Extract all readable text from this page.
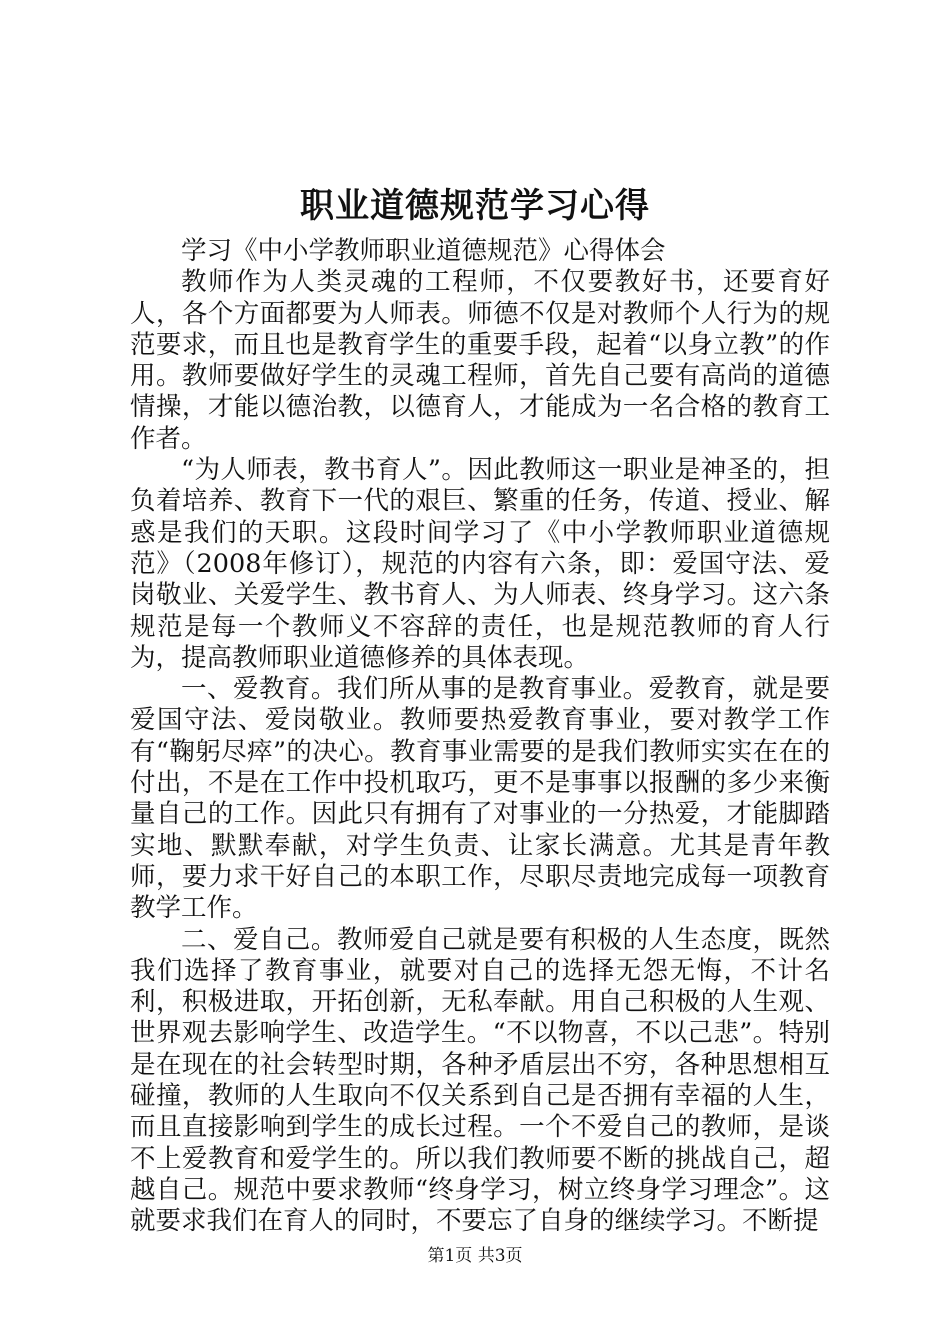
职业道德规范学习心得

学习《中小学教师职业道德规范》心得体会

教师作为人类灵魂的工程师，不仅要教好书，还要育好人，各个方面都要为人师表。师德不仅是对教师个人行为的规范要求，而且也是教育学生的重要手段，起着“以身立教”的作用。教师要做好学生的灵魂工程师，首先自己要有高尚的道德情操，才能以德治教，以德育人，才能成为一名合格的教育工作者。

“为人师表，教书育人”。因此教师这一职业是神圣的，担负着培养、教育下一代的艰巨、繁重的任务，传道、授业、解惑是我们的天职。这段时间学习了《中小学教师职业道德规范》（2008年修订），规范的内容有六条，即：爱国守法、爱岗敬业、关爱学生、教书育人、为人师表、终身学习。这六条规范是每一个教师义不容辞的责任，也是规范教师的育人行为，提高教师职业道德修养的具体表现。

一、爱教育。我们所从事的是教育事业。爱教育，就是要爱国守法、爱岗敬业。教师要热爱教育事业，要对教学工作有“鞠躬尽瘁”的决心。教育事业需要的是我们教师实实在在的付出，不是在工作中投机取巧，更不是事事以报酬的多少来衡量自己的工作。因此只有拥有了对事业的一分热爱，才能脚踏实地、默默奉献，对学生负责、让家长满意。尤其是青年教师，要力求干好自己的本职工作，尽职尽责地完成每一项教育教学工作。

二、爱自己。教师爱自己就是要有积极的人生态度，既然我们选择了教育事业，就要对自己的选择无怨无悔，不计名利，积极进取，开拓创新，无私奉献。用自己积极的人生观、世界观去影响学生、改造学生。“不以物喜，不以己悲”。特别是在现在的社会转型时期，各种矛盾层出不穷，各种思想相互碰撞，教师的人生取向不仅关系到自己是否拥有幸福的人生，而且直接影响到学生的成长过程。一个不爱自己的教师，是谈不上爱教育和爱学生的。所以我们教师要不断的挑战自己，超越自己。规范中要求教师“终身学习，树立终身学习理念”。这就要求我们在育人的同时，不要忘了自身的继续学习。不断提

第1页 共3页
